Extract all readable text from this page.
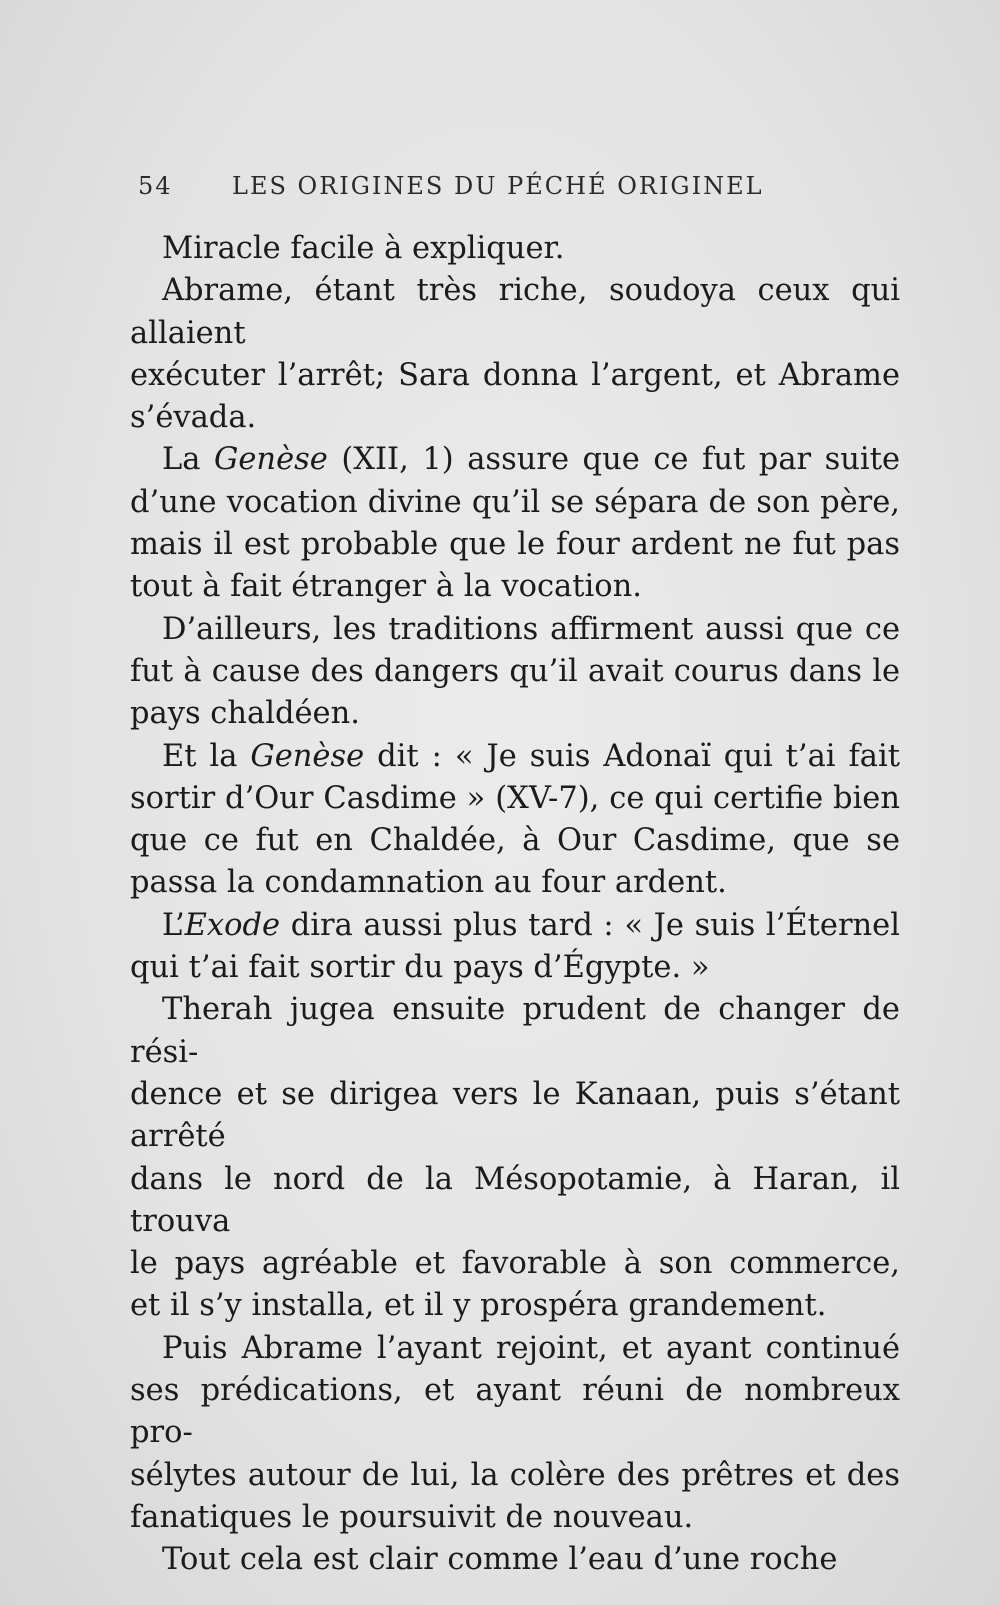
54 LES ORIGINES DU PÉCHÉ ORIGINEL

Miracle facile à expliquer.

Abrame, étant très riche, soudoya ceux qui allaient

exécuter l’arrêt; Sara donna l’argent, et Abrame

s’évada.

La Genèse (XII, 1) assure que ce fut par suite

d’une vocation divine qu’il se sépara de son père,

mais il est probable que le four ardent ne fut pas

tout à fait étranger à la vocation.

D’ailleurs, les traditions affirment aussi que ce

fut à cause des dangers qu’il avait courus dans le

pays chaldéen.

Et la Genèse dit : « Je suis Adonaï qui t’ai fait

sortir d’Our Casdime » (XV-7), ce qui certifie bien

que ce fut en Chaldée, à Our Casdime, que se

passa la condamnation au four ardent.

L’Exode dira aussi plus tard : « Je suis l’Éternel

qui t’ai fait sortir du pays d’Égypte. »

Therah jugea ensuite prudent de changer de rési-

dence et se dirigea vers le Kanaan, puis s’étant arrêté

dans le nord de la Mésopotamie, à Haran, il trouva

le pays agréable et favorable à son commerce,

et il s’y installa, et il y prospéra grandement.

Puis Abrame l’ayant rejoint, et ayant continué

ses prédications, et ayant réuni de nombreux pro-

sélytes autour de lui, la colère des prêtres et des

fanatiques le poursuivit de nouveau.

Tout cela est clair comme l’eau d’une roche
